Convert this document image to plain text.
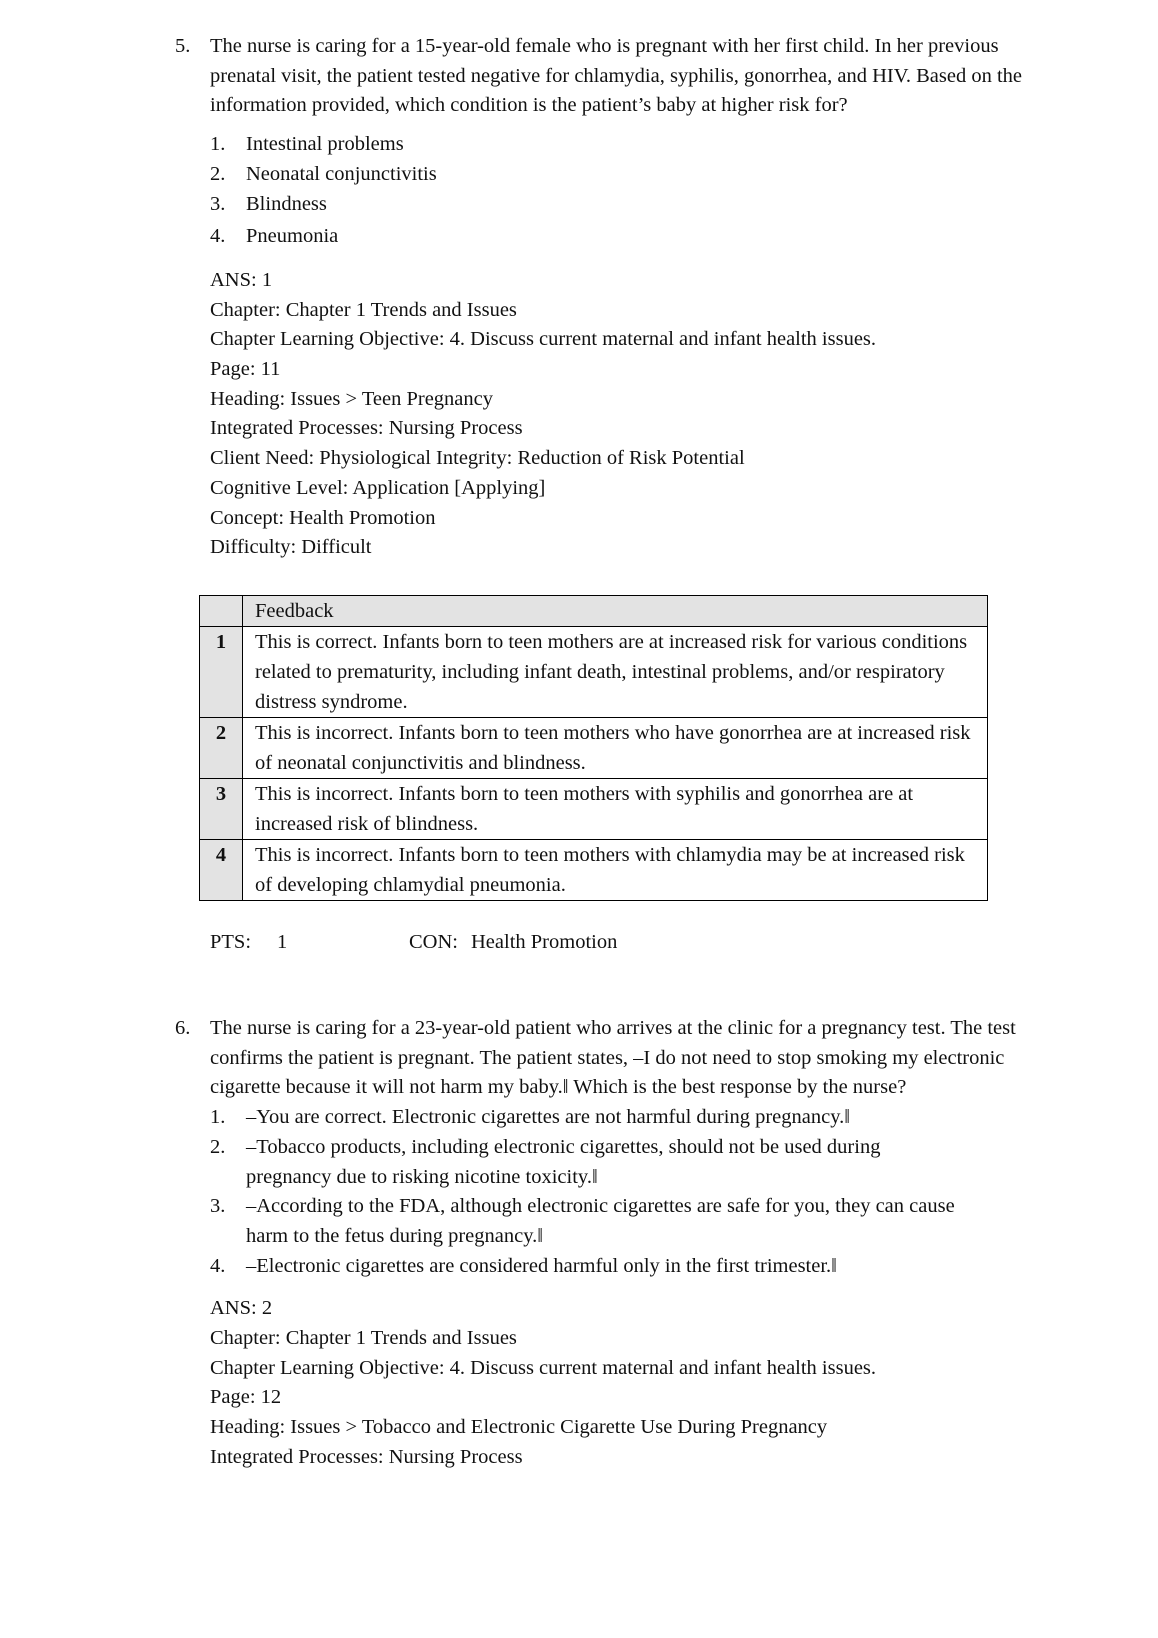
5. The nurse is caring for a 15-year-old female who is pregnant with her first child. In her previous prenatal visit, the patient tested negative for chlamydia, syphilis, gonorrhea, and HIV. Based on the information provided, which condition is the patient’s baby at higher risk for?
1.	Intestinal problems
2.	Neonatal conjunctivitis
3.	Blindness
4.	Pneumonia
ANS: 1
Chapter: Chapter 1 Trends and Issues
Chapter Learning Objective: 4. Discuss current maternal and infant health issues.
Page: 11
Heading: Issues > Teen Pregnancy
Integrated Processes: Nursing Process
Client Need: Physiological Integrity: Reduction of Risk Potential
Cognitive Level: Application [Applying]
Concept: Health Promotion
Difficulty: Difficult
	Feedback
1	This is correct. Infants born to teen mothers are at increased risk for various conditions related to prematurity, including infant death, intestinal problems, and/or respiratory distress syndrome.
2	This is incorrect. Infants born to teen mothers who have gonorrhea are at increased risk of neonatal conjunctivitis and blindness.
3	This is incorrect. Infants born to teen mothers with syphilis and gonorrhea are at increased risk of blindness.
4	This is incorrect. Infants born to teen mothers with chlamydia may be at increased risk of developing chlamydial pneumonia.
PTS:	1	CON: Health Promotion
6. The nurse is caring for a 23-year-old patient who arrives at the clinic for a pregnancy test. The test confirms the patient is pregnant. The patient states, –I do not need to stop smoking my electronic cigarette because it will not harm my baby.‖ Which is the best response by the nurse?
1.	–You are correct. Electronic cigarettes are not harmful during pregnancy.‖
2.	–Tobacco products, including electronic cigarettes, should not be used during pregnancy due to risking nicotine toxicity.‖
3.	–According to the FDA, although electronic cigarettes are safe for you, they can cause harm to the fetus during pregnancy.‖
4.	–Electronic cigarettes are considered harmful only in the first trimester.‖
ANS: 2
Chapter: Chapter 1 Trends and Issues
Chapter Learning Objective: 4. Discuss current maternal and infant health issues.
Page: 12
Heading: Issues > Tobacco and Electronic Cigarette Use During Pregnancy
Integrated Processes: Nursing Process
